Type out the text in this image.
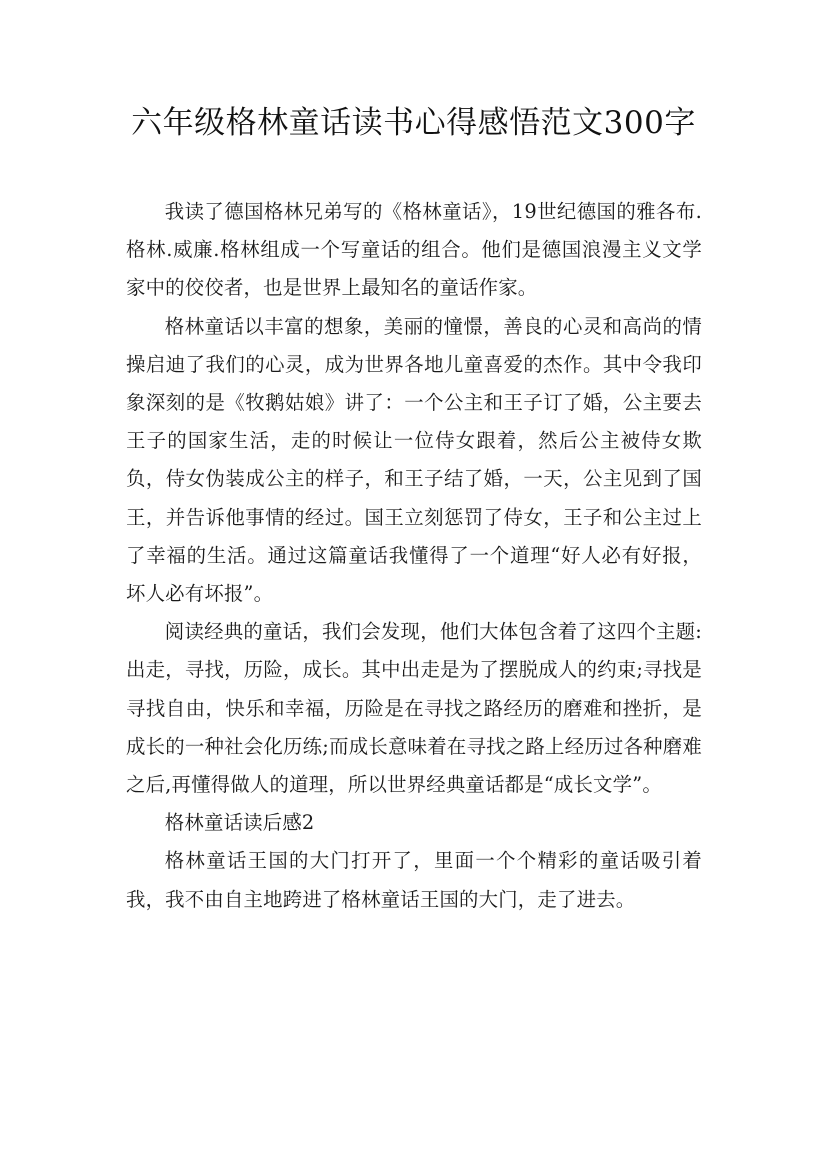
六年级格林童话读书心得感悟范文300字

我读了德国格林兄弟写的《格林童话》，19世纪德国的雅各布.格林.威廉.格林组成一个写童话的组合。他们是德国浪漫主义文学家中的佼佼者，也是世界上最知名的童话作家。

格林童话以丰富的想象，美丽的憧憬，善良的心灵和高尚的情操启迪了我们的心灵，成为世界各地儿童喜爱的杰作。其中令我印象深刻的是《牧鹅姑娘》讲了：一个公主和王子订了婚，公主要去王子的国家生活，走的时候让一位侍女跟着，然后公主被侍女欺负，侍女伪装成公主的样子，和王子结了婚，一天，公主见到了国王，并告诉他事情的经过。国王立刻惩罚了侍女，王子和公主过上了幸福的生活。通过这篇童话我懂得了一个道理“好人必有好报，坏人必有坏报”。

阅读经典的童话，我们会发现，他们大体包含着了这四个主题:出走，寻找，历险，成长。其中出走是为了摆脱成人的约束;寻找是寻找自由，快乐和幸福，历险是在寻找之路经历的磨难和挫折，是成长的一种社会化历练;而成长意味着在寻找之路上经历过各种磨难之后,再懂得做人的道理，所以世界经典童话都是“成长文学”。

格林童话读后感2

格林童话王国的大门打开了，里面一个个精彩的童话吸引着我，我不由自主地跨进了格林童话王国的大门，走了进去。
